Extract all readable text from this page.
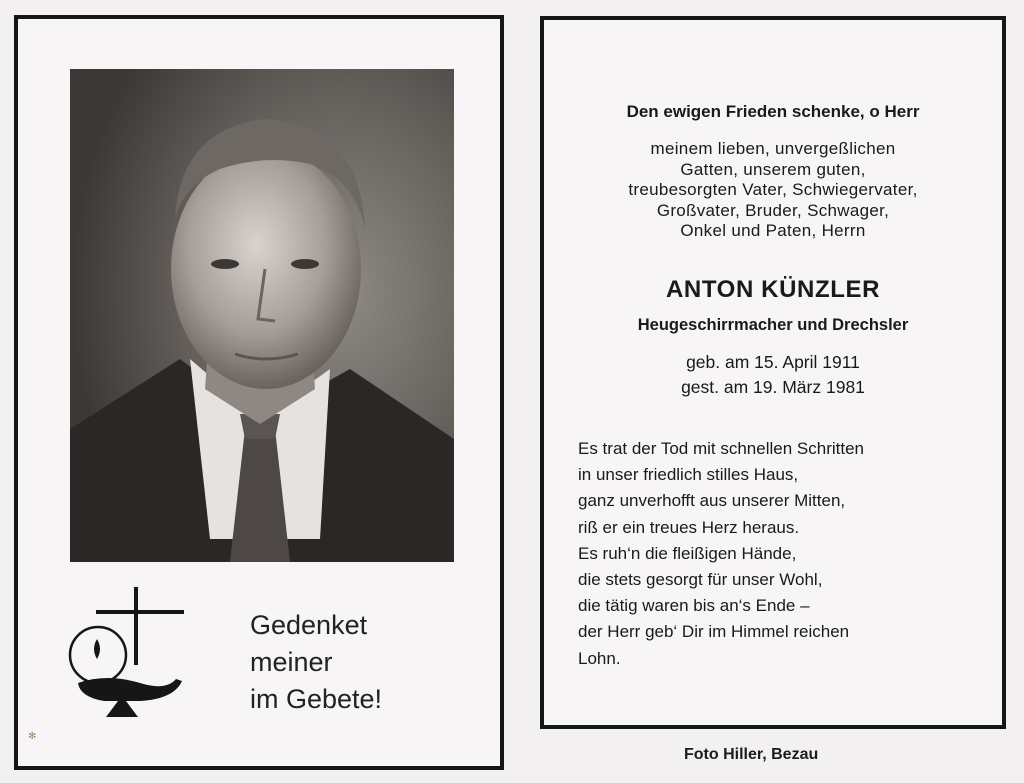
Gedenket
meiner
im Gebete!
✻
Den ewigen Frieden schenke, o Herr
meinem lieben, unvergeßlichen
Gatten, unserem guten,
treubesorgten Vater, Schwiegervater,
Großvater, Bruder, Schwager,
Onkel und Paten, Herrn
ANTON KÜNZLER
Heugeschirrmacher und Drechsler
geb. am 15. April 1911
gest. am 19. März 1981
Es trat der Tod mit schnellen Schritten
in unser friedlich stilles Haus,
ganz unverhofft aus unserer Mitten,
riß er ein treues Herz heraus.
Es ruh‘n die fleißigen Hände,
die stets gesorgt für unser Wohl,
die tätig waren bis an‘s Ende –
der Herr geb‘ Dir im Himmel reichen
Lohn.
Foto Hiller, Bezau
